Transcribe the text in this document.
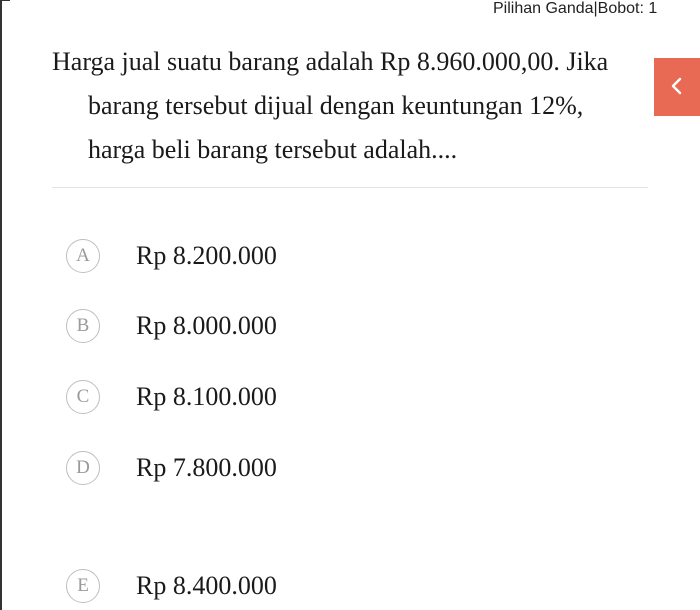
Pilihan Ganda|Bobot: 1
Harga jual suatu barang adalah Rp 8.960.000,00. Jika
barang tersebut dijual dengan keuntungan 12%,
harga beli barang tersebut adalah....
A	Rp 8.200.000
B	Rp 8.000.000
C	Rp 8.100.000
D	Rp 7.800.000
E	Rp 8.400.000
